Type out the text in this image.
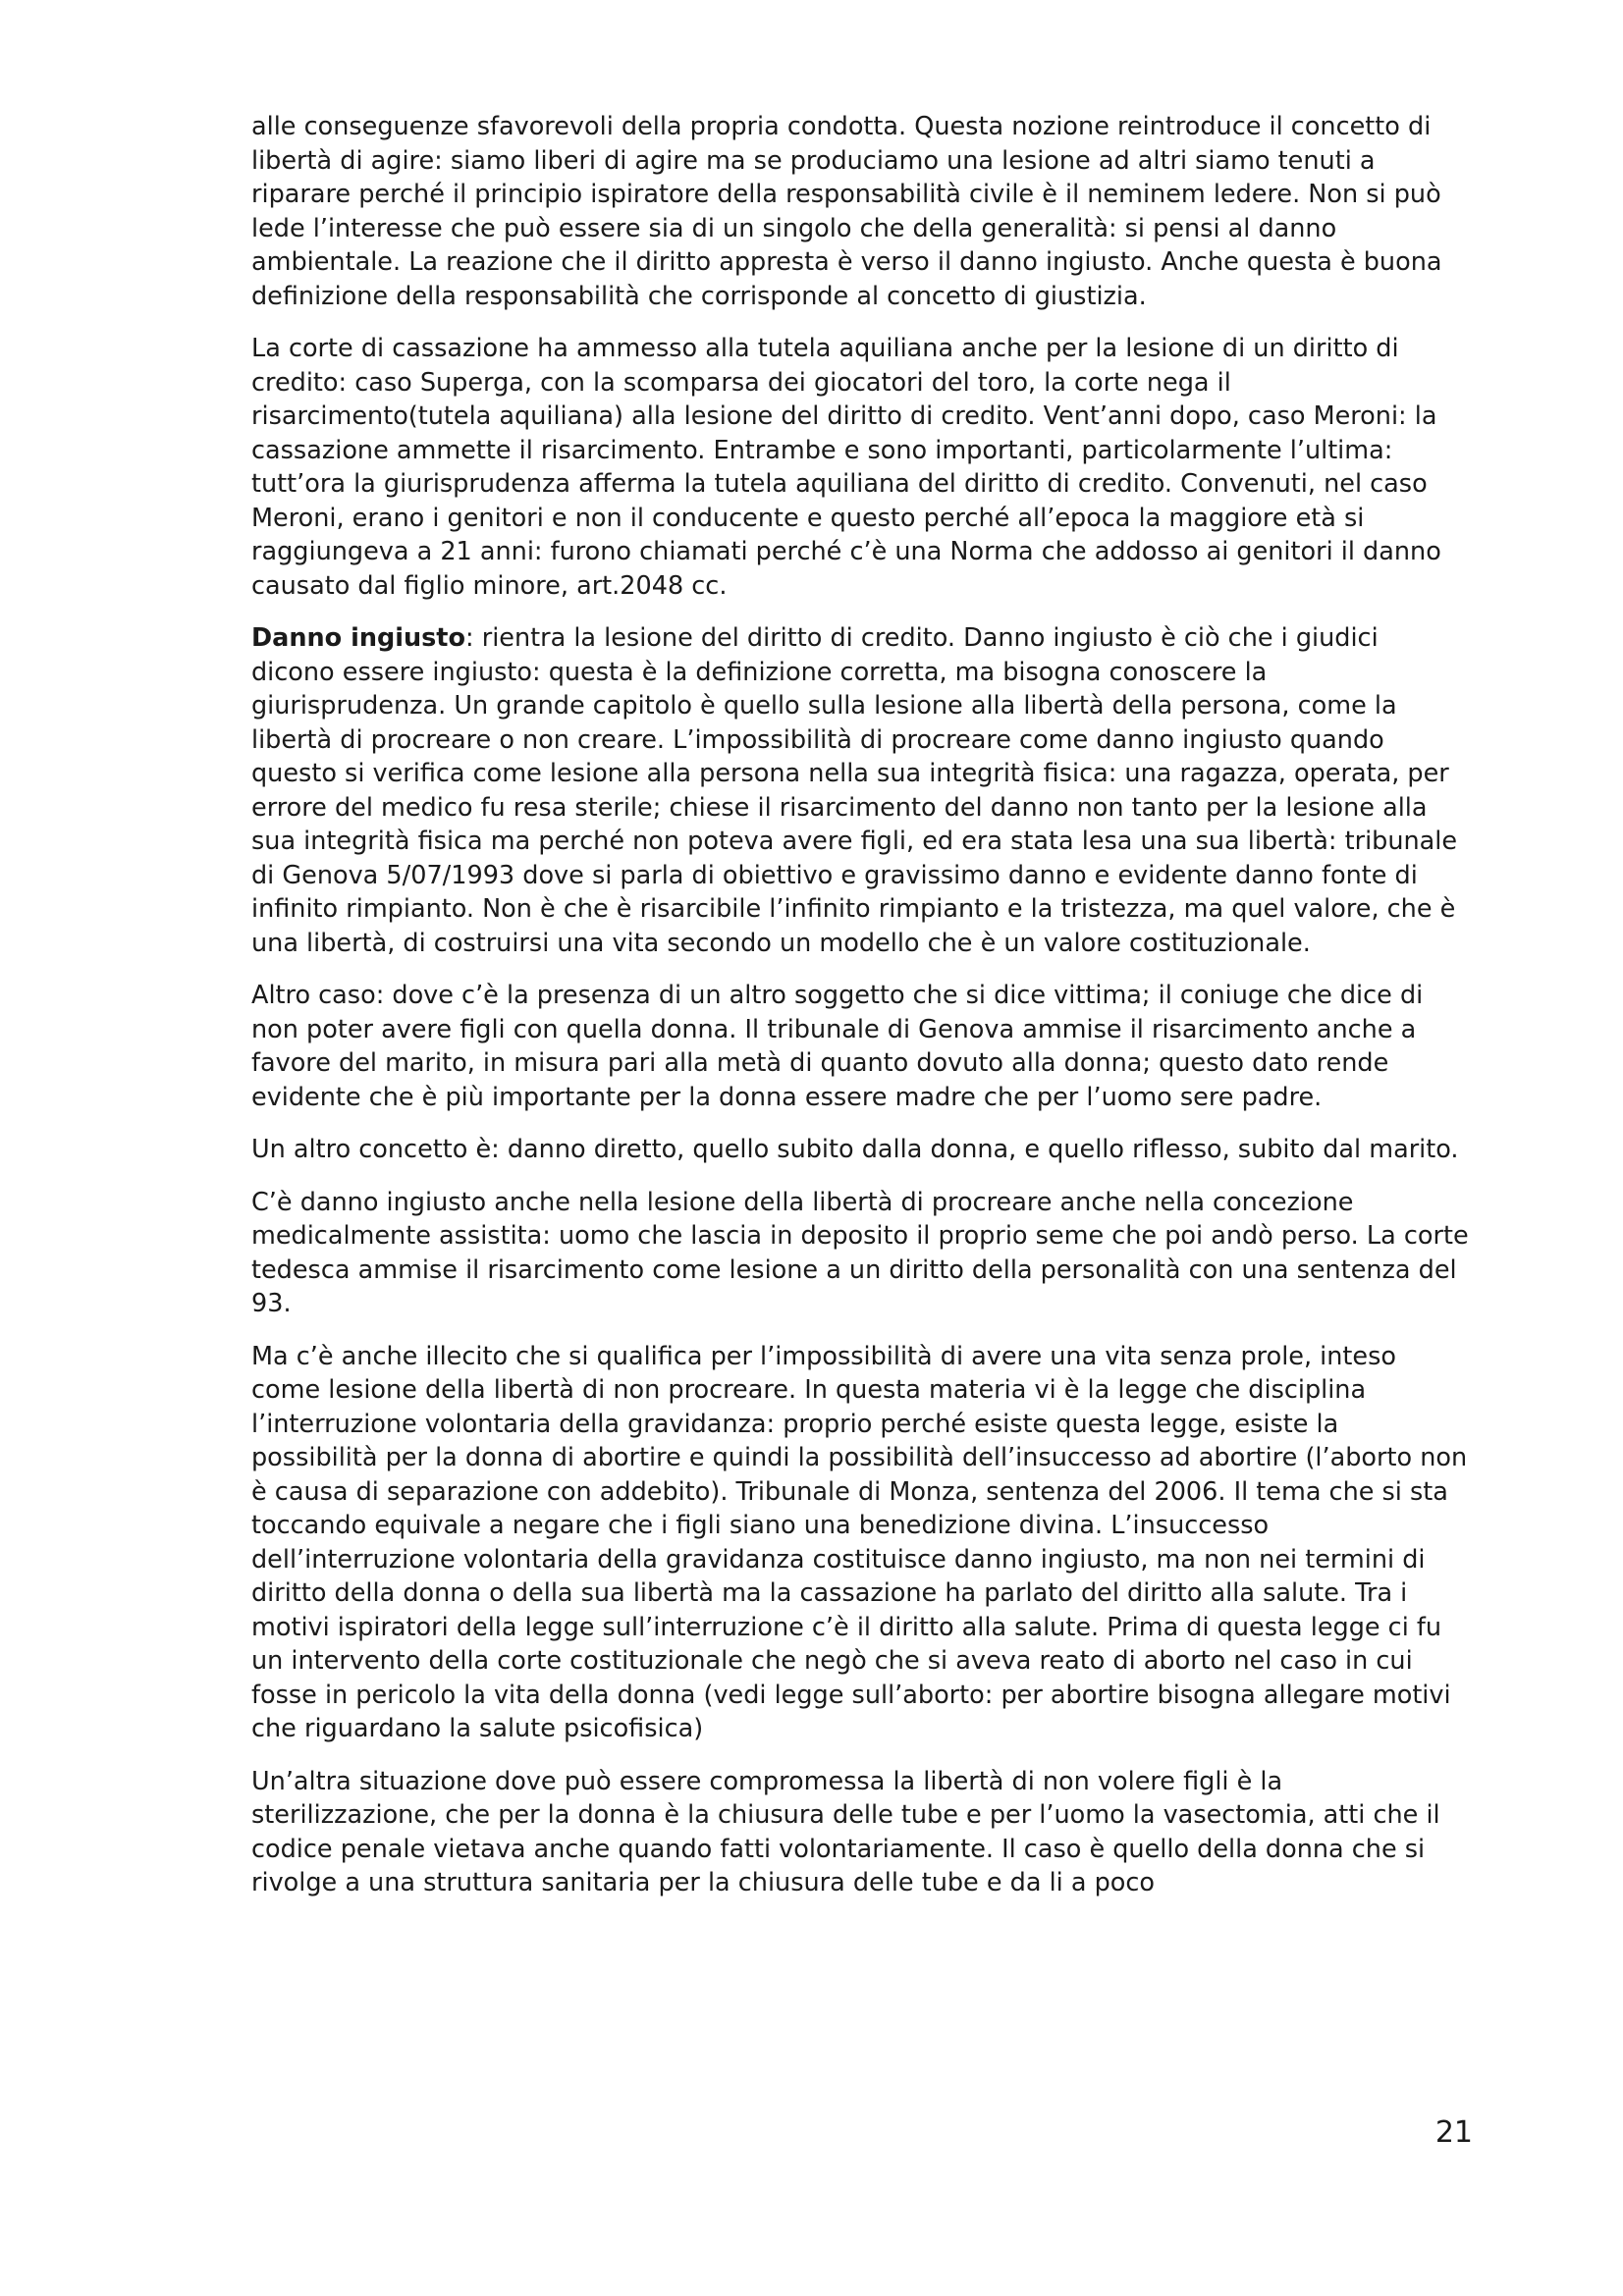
alle conseguenze sfavorevoli della propria condotta. Questa nozione reintroduce il concetto di libertà di agire: siamo liberi di agire ma se produciamo una lesione ad altri siamo tenuti a riparare perché il principio ispiratore della responsabilità civile è il neminem ledere. Non si può lede l’interesse che può essere sia di un singolo che della generalità: si pensi al danno ambientale. La reazione che il diritto appresta è verso il danno ingiusto. Anche questa è buona definizione della responsabilità che corrisponde al concetto di giustizia.

La corte di cassazione ha ammesso alla tutela aquiliana anche per la lesione di un diritto di credito: caso Superga, con la scomparsa dei giocatori del toro, la corte nega il risarcimento(tutela aquiliana) alla lesione del diritto di credito. Vent’anni dopo, caso Meroni: la cassazione ammette il risarcimento. Entrambe e sono importanti, particolarmente l’ultima: tutt’ora la giurisprudenza afferma la tutela aquiliana del diritto di credito. Convenuti, nel caso Meroni, erano i genitori e non il conducente e questo perché all’epoca la maggiore età si raggiungeva a 21 anni: furono chiamati perché c’è una Norma che addosso ai genitori il danno causato dal figlio minore, art.2048 cc.

Danno ingiusto: rientra la lesione del diritto di credito. Danno ingiusto è ciò che i giudici dicono essere ingiusto: questa è la definizione corretta, ma bisogna conoscere la giurisprudenza. Un grande capitolo è quello sulla lesione alla libertà della persona, come la libertà di procreare o non creare. L’impossibilità di procreare come danno ingiusto quando questo si verifica come lesione alla persona nella sua integrità fisica: una ragazza, operata, per errore del medico fu resa sterile; chiese il risarcimento del danno non tanto per la lesione alla sua integrità fisica ma perché non poteva avere figli, ed era stata lesa una sua libertà: tribunale di Genova 5/07/1993 dove si parla di obiettivo e gravissimo danno e evidente danno fonte di infinito rimpianto. Non è che è risarcibile l’infinito rimpianto e la tristezza, ma quel valore, che è una libertà, di costruirsi una vita secondo un modello che è un valore costituzionale.

Altro caso: dove c’è la presenza di un altro soggetto che si dice vittima; il coniuge che dice di non poter avere figli con quella donna. Il tribunale di Genova ammise il risarcimento anche a favore del marito, in misura pari alla metà di quanto dovuto alla donna; questo dato rende evidente che è più importante per la donna essere madre che per l’uomo sere padre.

Un altro concetto è: danno diretto, quello subito dalla donna, e quello riflesso, subito dal marito.

C’è danno ingiusto anche nella lesione della libertà di procreare anche nella concezione medicalmente assistita: uomo che lascia in deposito il proprio seme che poi andò perso. La corte tedesca ammise il risarcimento come lesione a un diritto della personalità con una sentenza del 93.

Ma c’è anche illecito che si qualifica per l’impossibilità di avere una vita senza prole, inteso come lesione della libertà di non procreare. In questa materia vi è la legge che disciplina l’interruzione volontaria della gravidanza: proprio perché esiste questa legge, esiste la possibilità per la donna di abortire e quindi la possibilità dell’insuccesso ad abortire (l’aborto non è causa di separazione con addebito). Tribunale di Monza, sentenza del 2006. Il tema che si sta toccando equivale a negare che i figli siano una benedizione divina. L’insuccesso dell’interruzione volontaria della gravidanza costituisce danno ingiusto, ma non nei termini di diritto della donna o della sua libertà ma la cassazione ha parlato del diritto alla salute. Tra i motivi ispiratori della legge sull’interruzione c’è il diritto alla salute. Prima di questa legge ci fu un intervento della corte costituzionale che negò che si aveva reato di aborto nel caso in cui fosse in pericolo la vita della donna (vedi legge sull’aborto: per abortire bisogna allegare motivi che riguardano la salute psicofisica)

Un’altra situazione dove può essere compromessa la libertà di non volere figli è la sterilizzazione, che per la donna è la chiusura delle tube e per l’uomo la vasectomia, atti che il codice penale vietava anche quando fatti volontariamente. Il caso è quello della donna che si rivolge a una struttura sanitaria per la chiusura delle tube e da li a poco

21
